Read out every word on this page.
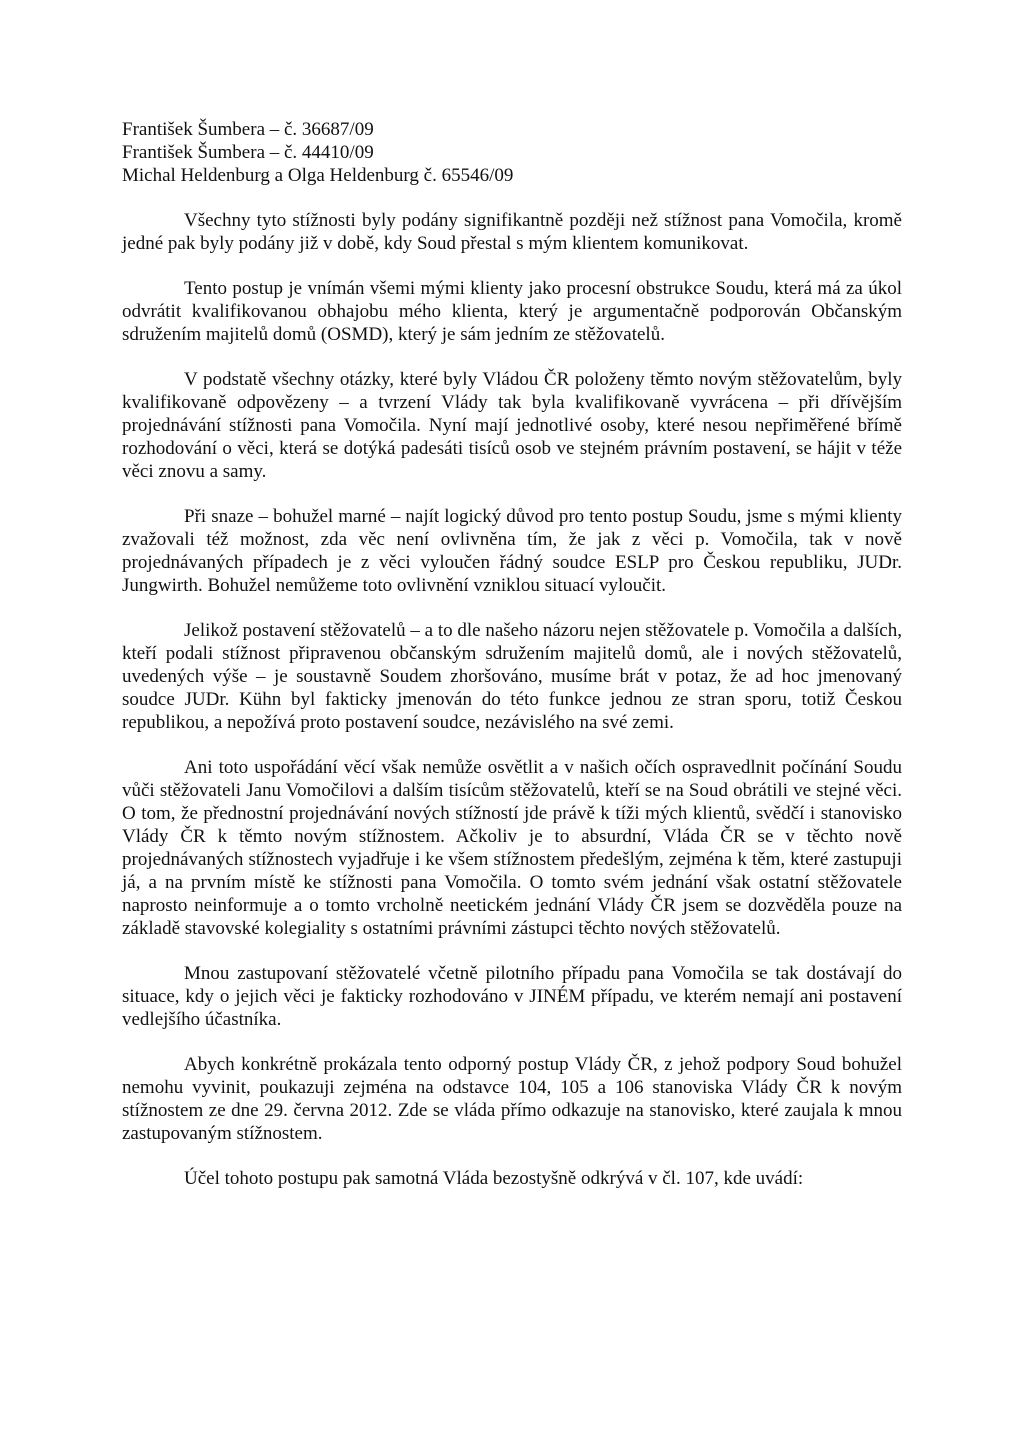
František Šumbera – č. 36687/09
František Šumbera – č. 44410/09
Michal Heldenburg a Olga Heldenburg č. 65546/09

Všechny tyto stížnosti byly podány signifikantně později než stížnost pana Vomočila, kromě jedné pak byly podány již v době, kdy Soud přestal s mým klientem komunikovat.

Tento postup je vnímán všemi mými klienty jako procesní obstrukce Soudu, která má za úkol odvrátit kvalifikovanou obhajobu mého klienta, který je argumentačně podporován Občanským sdružením majitelů domů (OSMD), který je sám jedním ze stěžovatelů.

V podstatě všechny otázky, které byly Vládou ČR položeny těmto novým stěžovatelům, byly kvalifikovaně odpovězeny – a tvrzení Vlády tak byla kvalifikovaně vyvrácena – při dřívějším projednávání stížnosti pana Vomočila. Nyní mají jednotlivé osoby, které nesou nepřiměřené břímě rozhodování o věci, která se dotýká padesáti tisíců osob ve stejném právním postavení, se hájit v téže věci znovu a samy.

Při snaze – bohužel marné – najít logický důvod pro tento postup Soudu, jsme s mými klienty zvažovali též možnost, zda věc není ovlivněna tím, že jak z věci p. Vomočila, tak v nově projednávaných případech je z věci vyloučen řádný soudce ESLP pro Českou republiku, JUDr. Jungwirth. Bohužel nemůžeme toto ovlivnění vzniklou situací vyloučit.

Jelikož postavení stěžovatelů – a to dle našeho názoru nejen stěžovatele p. Vomočila a dalších, kteří podali stížnost připravenou občanským sdružením majitelů domů, ale i nových stěžovatelů, uvedených výše – je soustavně Soudem zhoršováno, musíme brát v potaz, že ad hoc jmenovaný soudce JUDr. Kühn byl fakticky jmenován do této funkce jednou ze stran sporu, totiž Českou republikou, a nepožívá proto postavení soudce, nezávislého na své zemi.

Ani toto uspořádání věcí však nemůže osvětlit a v našich očích ospravedlnit počínání Soudu vůči stěžovateli Janu Vomočilovi a dalším tisícům stěžovatelů, kteří se na Soud obrátili ve stejné věci. O tom, že přednostní projednávání nových stížností jde právě k tíži mých klientů, svědčí i stanovisko Vlády ČR k těmto novým stížnostem. Ačkoliv je to absurdní, Vláda ČR se v těchto nově projednávaných stížnostech vyjadřuje i ke všem stížnostem předešlým, zejména k těm, které zastupuji já, a na prvním místě ke stížnosti pana Vomočila. O tomto svém jednání však ostatní stěžovatele naprosto neinformuje a o tomto vrcholně neetickém jednání Vlády ČR jsem se dozvěděla pouze na základě stavovské kolegiality s ostatními právními zástupci těchto nových stěžovatelů.

Mnou zastupovaní stěžovatelé včetně pilotního případu pana Vomočila se tak dostávají do situace, kdy o jejich věci je fakticky rozhodováno v JINÉM případu, ve kterém nemají ani postavení vedlejšího účastníka.

Abych konkrétně prokázala tento odporný postup Vlády ČR, z jehož podpory Soud bohužel nemohu vyvinit, poukazuji zejména na odstavce 104, 105 a 106 stanoviska Vlády ČR k novým stížnostem ze dne 29. června 2012. Zde se vláda přímo odkazuje na stanovisko, které zaujala k mnou zastupovaným stížnostem.

Účel tohoto postupu pak samotná Vláda bezostyšně odkrývá v čl. 107, kde uvádí:
